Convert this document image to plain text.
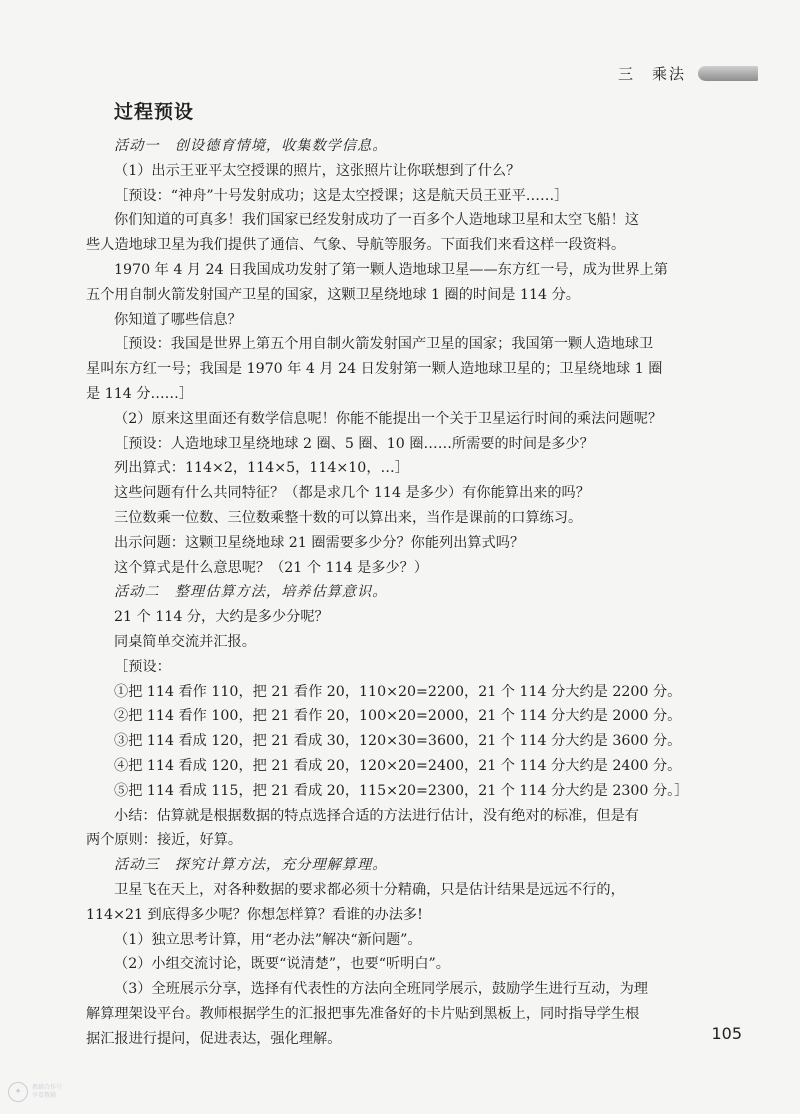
三　乘法
过程预设
活动一　创设德育情境，收集数学信息。
（1）出示王亚平太空授课的照片，这张照片让你联想到了什么？
［预设：“神舟”十号发射成功；这是太空授课；这是航天员王亚平……］
你们知道的可真多！我们国家已经发射成功了一百多个人造地球卫星和太空飞船！这
些人造地球卫星为我们提供了通信、气象、导航等服务。下面我们来看这样一段资料。
1970 年 4 月 24 日我国成功发射了第一颗人造地球卫星——东方红一号，成为世界上第
五个用自制火箭发射国产卫星的国家，这颗卫星绕地球 1 圈的时间是 114 分。
你知道了哪些信息？
［预设：我国是世界上第五个用自制火箭发射国产卫星的国家；我国第一颗人造地球卫
星叫东方红一号；我国是 1970 年 4 月 24 日发射第一颗人造地球卫星的；卫星绕地球 1 圈
是 114 分……］
（2）原来这里面还有数学信息呢！你能不能提出一个关于卫星运行时间的乘法问题呢？
［预设：人造地球卫星绕地球 2 圈、5 圈、10 圈……所需要的时间是多少？
列出算式：114×2，114×5，114×10，…］
这些问题有什么共同特征？（都是求几个 114 是多少）有你能算出来的吗？
三位数乘一位数、三位数乘整十数的可以算出来，当作是课前的口算练习。
出示问题：这颗卫星绕地球 21 圈需要多少分？你能列出算式吗？
这个算式是什么意思呢？（21 个 114 是多少？）
活动二　整理估算方法，培养估算意识。
21 个 114 分，大约是多少分呢？
同桌简单交流并汇报。
［预设：
①把 114 看作 110，把 21 看作 20，110×20=2200，21 个 114 分大约是 2200 分。
②把 114 看作 100，把 21 看作 20，100×20=2000，21 个 114 分大约是 2000 分。
③把 114 看成 120，把 21 看成 30，120×30=3600，21 个 114 分大约是 3600 分。
④把 114 看成 120，把 21 看成 20，120×20=2400，21 个 114 分大约是 2400 分。
⑤把 114 看成 115，把 21 看成 20，115×20=2300，21 个 114 分大约是 2300 分。］
小结：估算就是根据数据的特点选择合适的方法进行估计，没有绝对的标准，但是有
两个原则：接近，好算。
活动三　探究计算方法，充分理解算理。
卫星飞在天上，对各种数据的要求都必须十分精确，只是估计结果是远远不行的，
114×21 到底得多少呢？你想怎样算？看谁的办法多!
（1）独立思考计算，用“老办法”解决“新问题”。
（2）小组交流讨论，既要“说清楚”，也要“听明白”。
（3）全班展示分享，选择有代表性的方法向全班同学展示，鼓励学生进行互动，为理
解算理架设平台。教师根据学生的汇报把事先准备好的卡片贴到黑板上，同时指导学生根
据汇报进行提问，促进表达，强化理解。	105
✦	教辅合作号
享看教辅
